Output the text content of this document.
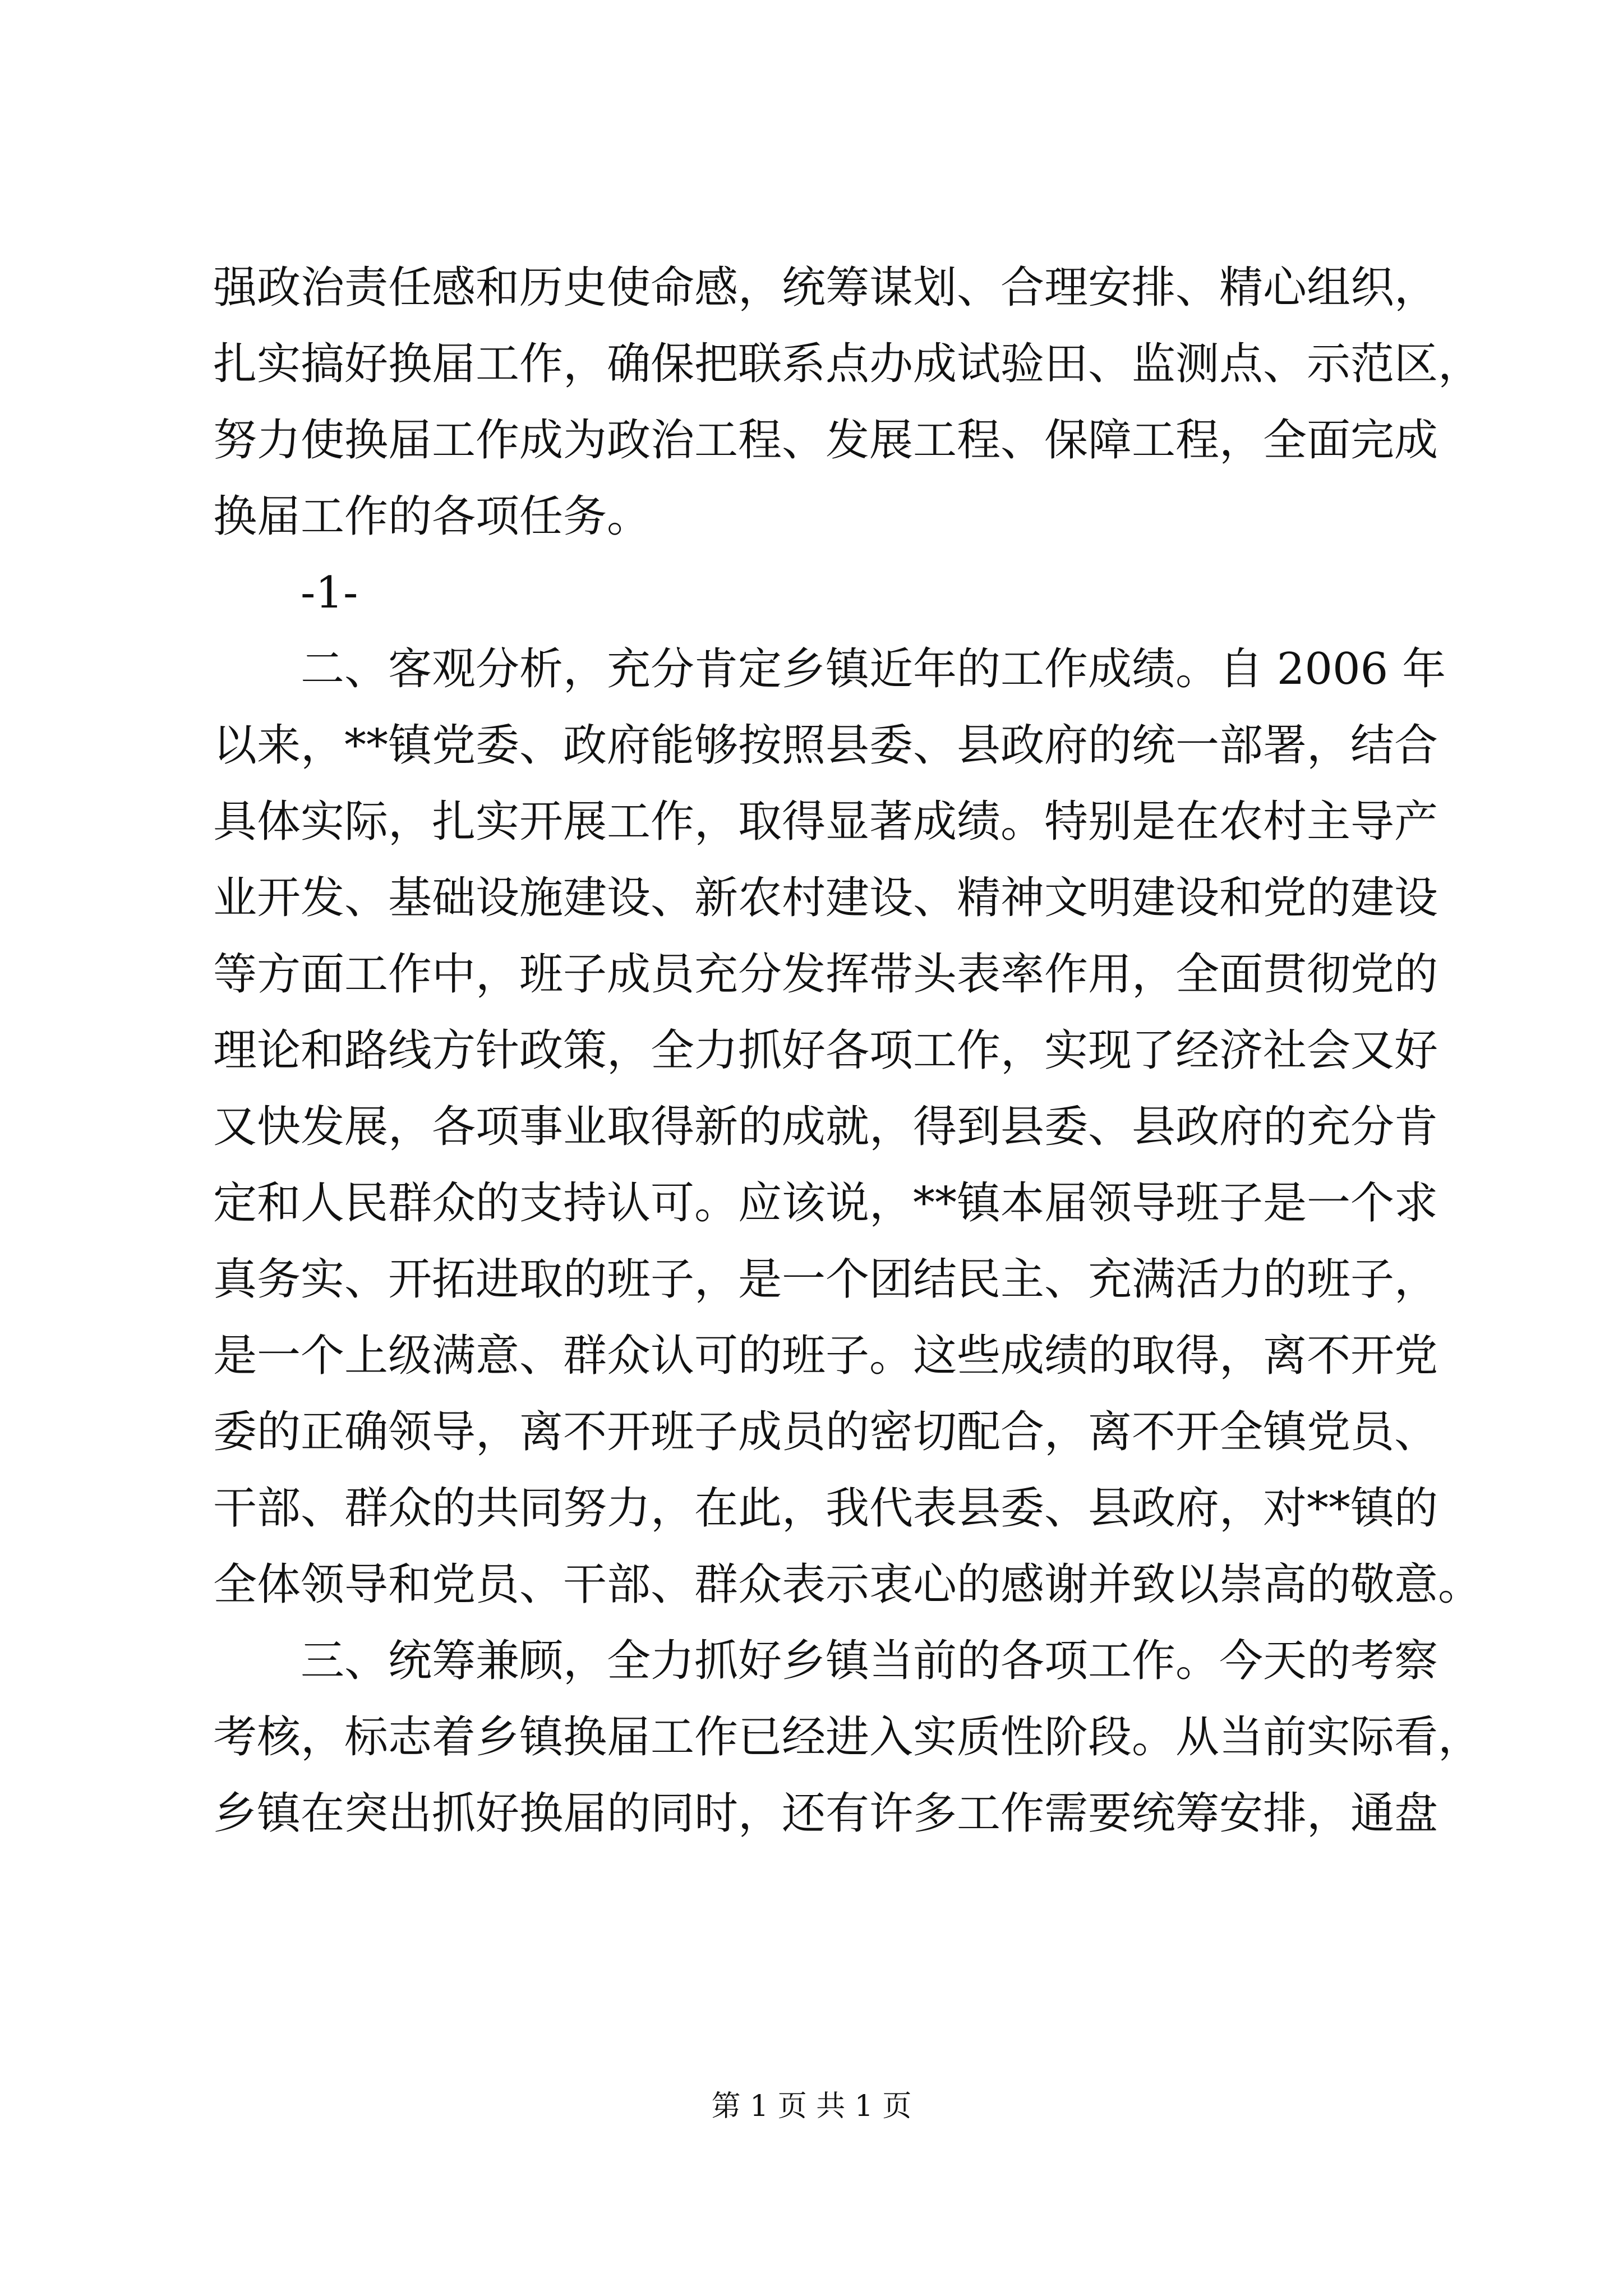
强政治责任感和历史使命感，统筹谋划、合理安排、精心组织，
扎实搞好换届工作，确保把联系点办成试验田、监测点、示范区，
努力使换届工作成为政治工程、发展工程、保障工程，全面完成
换届工作的各项任务。
-1-
二、客观分析，充分肯定乡镇近年的工作成绩。自 2006 年
以来，**镇党委、政府能够按照县委、县政府的统一部署，结合
具体实际，扎实开展工作，取得显著成绩。特别是在农村主导产
业开发、基础设施建设、新农村建设、精神文明建设和党的建设
等方面工作中，班子成员充分发挥带头表率作用，全面贯彻党的
理论和路线方针政策，全力抓好各项工作，实现了经济社会又好
又快发展，各项事业取得新的成就，得到县委、县政府的充分肯
定和人民群众的支持认可。应该说，**镇本届领导班子是一个求
真务实、开拓进取的班子，是一个团结民主、充满活力的班子，
是一个上级满意、群众认可的班子。这些成绩的取得，离不开党
委的正确领导，离不开班子成员的密切配合，离不开全镇党员、
干部、群众的共同努力，在此，我代表县委、县政府，对**镇的
全体领导和党员、干部、群众表示衷心的感谢并致以崇高的敬意。
三、统筹兼顾，全力抓好乡镇当前的各项工作。今天的考察
考核，标志着乡镇换届工作已经进入实质性阶段。从当前实际看，
乡镇在突出抓好换届的同时，还有许多工作需要统筹安排，通盘
第 1 页 共 1 页
